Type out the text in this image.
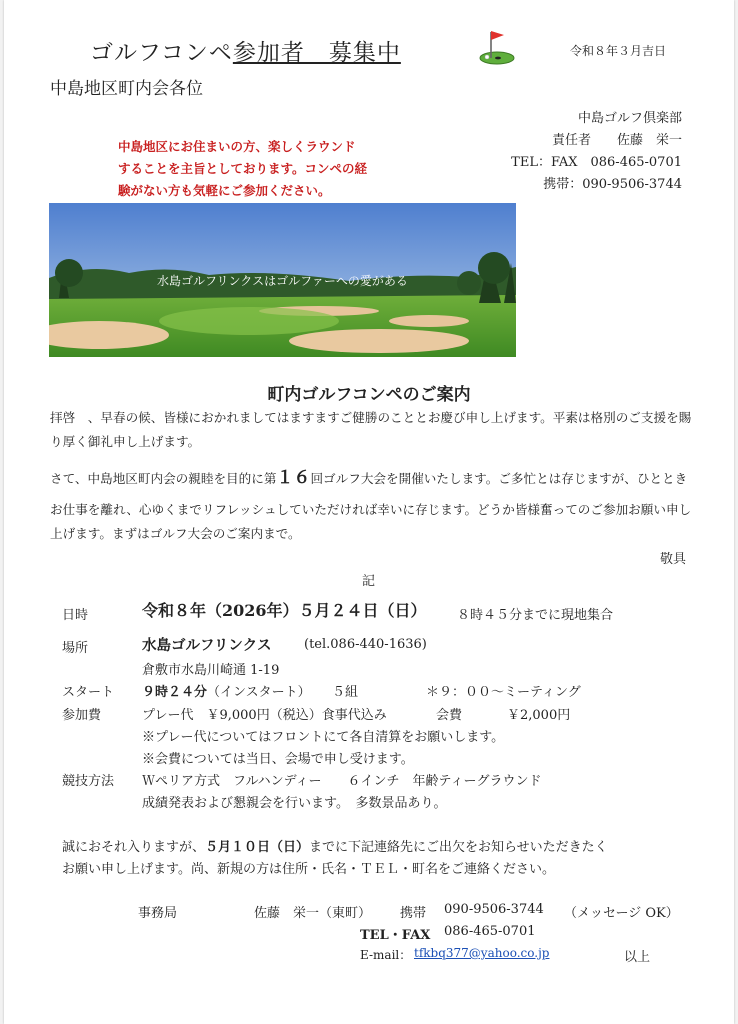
ゴルフコンペ参加者　募集中	令和８年３月吉日
中島地区町内会各位
中島ゴルフ倶楽部
責任者　　佐藤　栄一
TEL：FAX　086-465-0701
携帯：090-9506-3744
中島地区にお住まいの方、楽しくラウンド
することを主旨としております。コンペの経
験がない方も気軽にご参加ください。
水島ゴルフリンクスはゴルファーへの愛がある
町内ゴルフコンペのご案内
拝啓　、早春の候、皆様におかれましてはますますご健勝のこととお慶び申し上げます。平素は格別のご支援を賜り厚く御礼申し上げます。
さて、中島地区町内会の親睦を目的に第１６回ゴルフ大会を開催いたします。ご多忙とは存じますが、ひととき
お仕事を離れ、心ゆくまでリフレッシュしていただければ幸いに存じます。どうか皆様奮ってのご参加お願い申し上げます。まずはゴルフ大会のご案内まで。
敬具
記
日時	令和８年（2026年）５月２４日（日） ８時４５分までに現地集合
場所	水島ゴルフリンクス	(tel.086-440-1636)
倉敷市水島川崎通 1-19
スタート ９時２４分（インスタート） ５組	＊９：００～ミーティング
参加費	プレー代　￥9,000円（税込）食事代込み	会費	￥2,000円
※プレー代についてはフロントにて各自清算をお願いします。
※会費については当日、会場で申し受けます。
競技方法 Ｗペリア方式　フルハンディー　　６インチ　年齢ティーグラウンド
成績発表および懇親会を行います。　多数景品あり。
誠におそれ入りますが、５月１０日（日）までに下記連絡先にご出欠をお知らせいただきたく
お願い申し上げます。尚、新規の方は住所・氏名・ＴＥＬ・町名をご連絡ください。
事務局	佐藤　栄一（東町） 携帯 090-9506-3744 （メッセージ OK）
TEL・FAX 086-465-0701
E-mail： tfkbq377@yahoo.co.jp	以上
